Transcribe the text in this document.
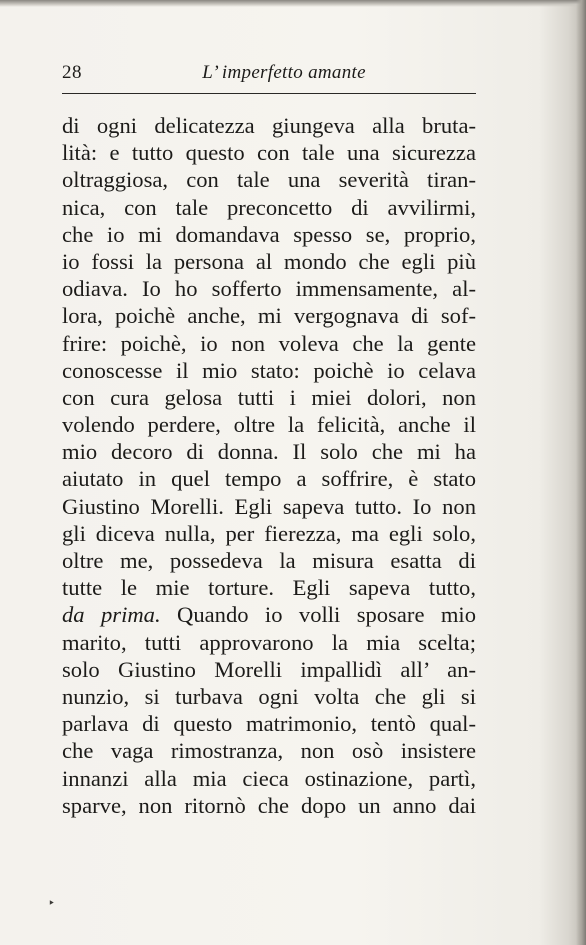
28	L’ imperfetto amante
di ogni delicatezza giungeva alla bruta-
lità: e tutto questo con tale una sicurezza
oltraggiosa, con tale una severità tiran-
nica, con tale preconcetto di avvilirmi,
che io mi domandava spesso se, proprio,
io fossi la persona al mondo che egli più
odiava. Io ho sofferto immensamente, al-
lora, poichè anche, mi vergognava di sof-
frire: poichè, io non voleva che la gente
conoscesse il mio stato: poichè io celava
con cura gelosa tutti i miei dolori, non
volendo perdere, oltre la felicità, anche il
mio decoro di donna. Il solo che mi ha
aiutato in quel tempo a soffrire, è stato
Giustino Morelli. Egli sapeva tutto. Io non
gli diceva nulla, per fierezza, ma egli solo,
oltre me, possedeva la misura esatta di
tutte le mie torture. Egli sapeva tutto,
da prima. Quando io volli sposare mio
marito, tutti approvarono la mia scelta;
solo Giustino Morelli impallidì all’ an-
nunzio, si turbava ogni volta che gli si
parlava di questo matrimonio, tentò qual-
che vaga rimostranza, non osò insistere
innanzi alla mia cieca ostinazione, partì,
sparve, non ritornò che dopo un anno dai
‣
